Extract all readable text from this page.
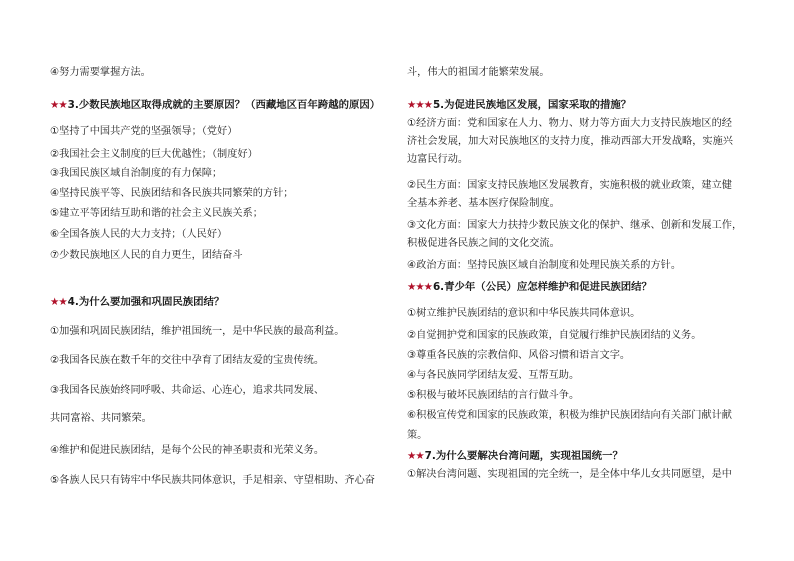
④努力需要掌握方法。
★★3.少数民族地区取得成就的主要原因？（西藏地区百年跨越的原因）
①坚持了中国共产党的坚强领导；（党好）
②我国社会主义制度的巨大优越性；（制度好）
③我国民族区域自治制度的有力保障；
④坚持民族平等、民族团结和各民族共同繁荣的方针；
⑤建立平等团结互助和谐的社会主义民族关系；
⑥全国各族人民的大力支持；（人民好）
⑦少数民族地区人民的自力更生，团结奋斗
★★4.为什么要加强和巩固民族团结？
①加强和巩固民族团结，维护祖国统一，是中华民族的最高利益。
②我国各民族在数千年的交往中孕育了团结友爱的宝贵传统。
③我国各民族始终同呼吸、共命运、心连心，追求共同发展、
共同富裕、共同繁荣。
④维护和促进民族团结，是每个公民的神圣职责和光荣义务。
⑤各族人民只有铸牢中华民族共同体意识，手足相亲、守望相助、齐心奋
斗，伟大的祖国才能繁荣发展。
★★★5.为促进民族地区发展，国家采取的措施？
①经济方面：党和国家在人力、物力、财力等方面大力支持民族地区的经
济社会发展，加大对民族地区的支持力度，推动西部大开发战略，实施兴
边富民行动。
②民生方面：国家支持民族地区发展教育，实施积极的就业政策，建立健
全基本养老、基本医疗保险制度。
③文化方面：国家大力扶持少数民族文化的保护、继承、创新和发展工作，
积极促进各民族之间的文化交流。
④政治方面：坚持民族区域自治制度和处理民族关系的方针。
★★★6.青少年（公民）应怎样维护和促进民族团结？
①树立维护民族团结的意识和中华民族共同体意识。
②自觉拥护党和国家的民族政策，自觉履行维护民族团结的义务。
③尊重各民族的宗教信仰、风俗习惯和语言文字。
④与各民族同学团结友爱、互帮互助。
⑤积极与破坏民族团结的言行做斗争。
⑥积极宣传党和国家的民族政策，积极为维护民族团结向有关部门献计献
策。
★★7.为什么要解决台湾问题，实现祖国统一？
①解决台湾问题、实现祖国的完全统一，是全体中华儿女共同愿望，是中
